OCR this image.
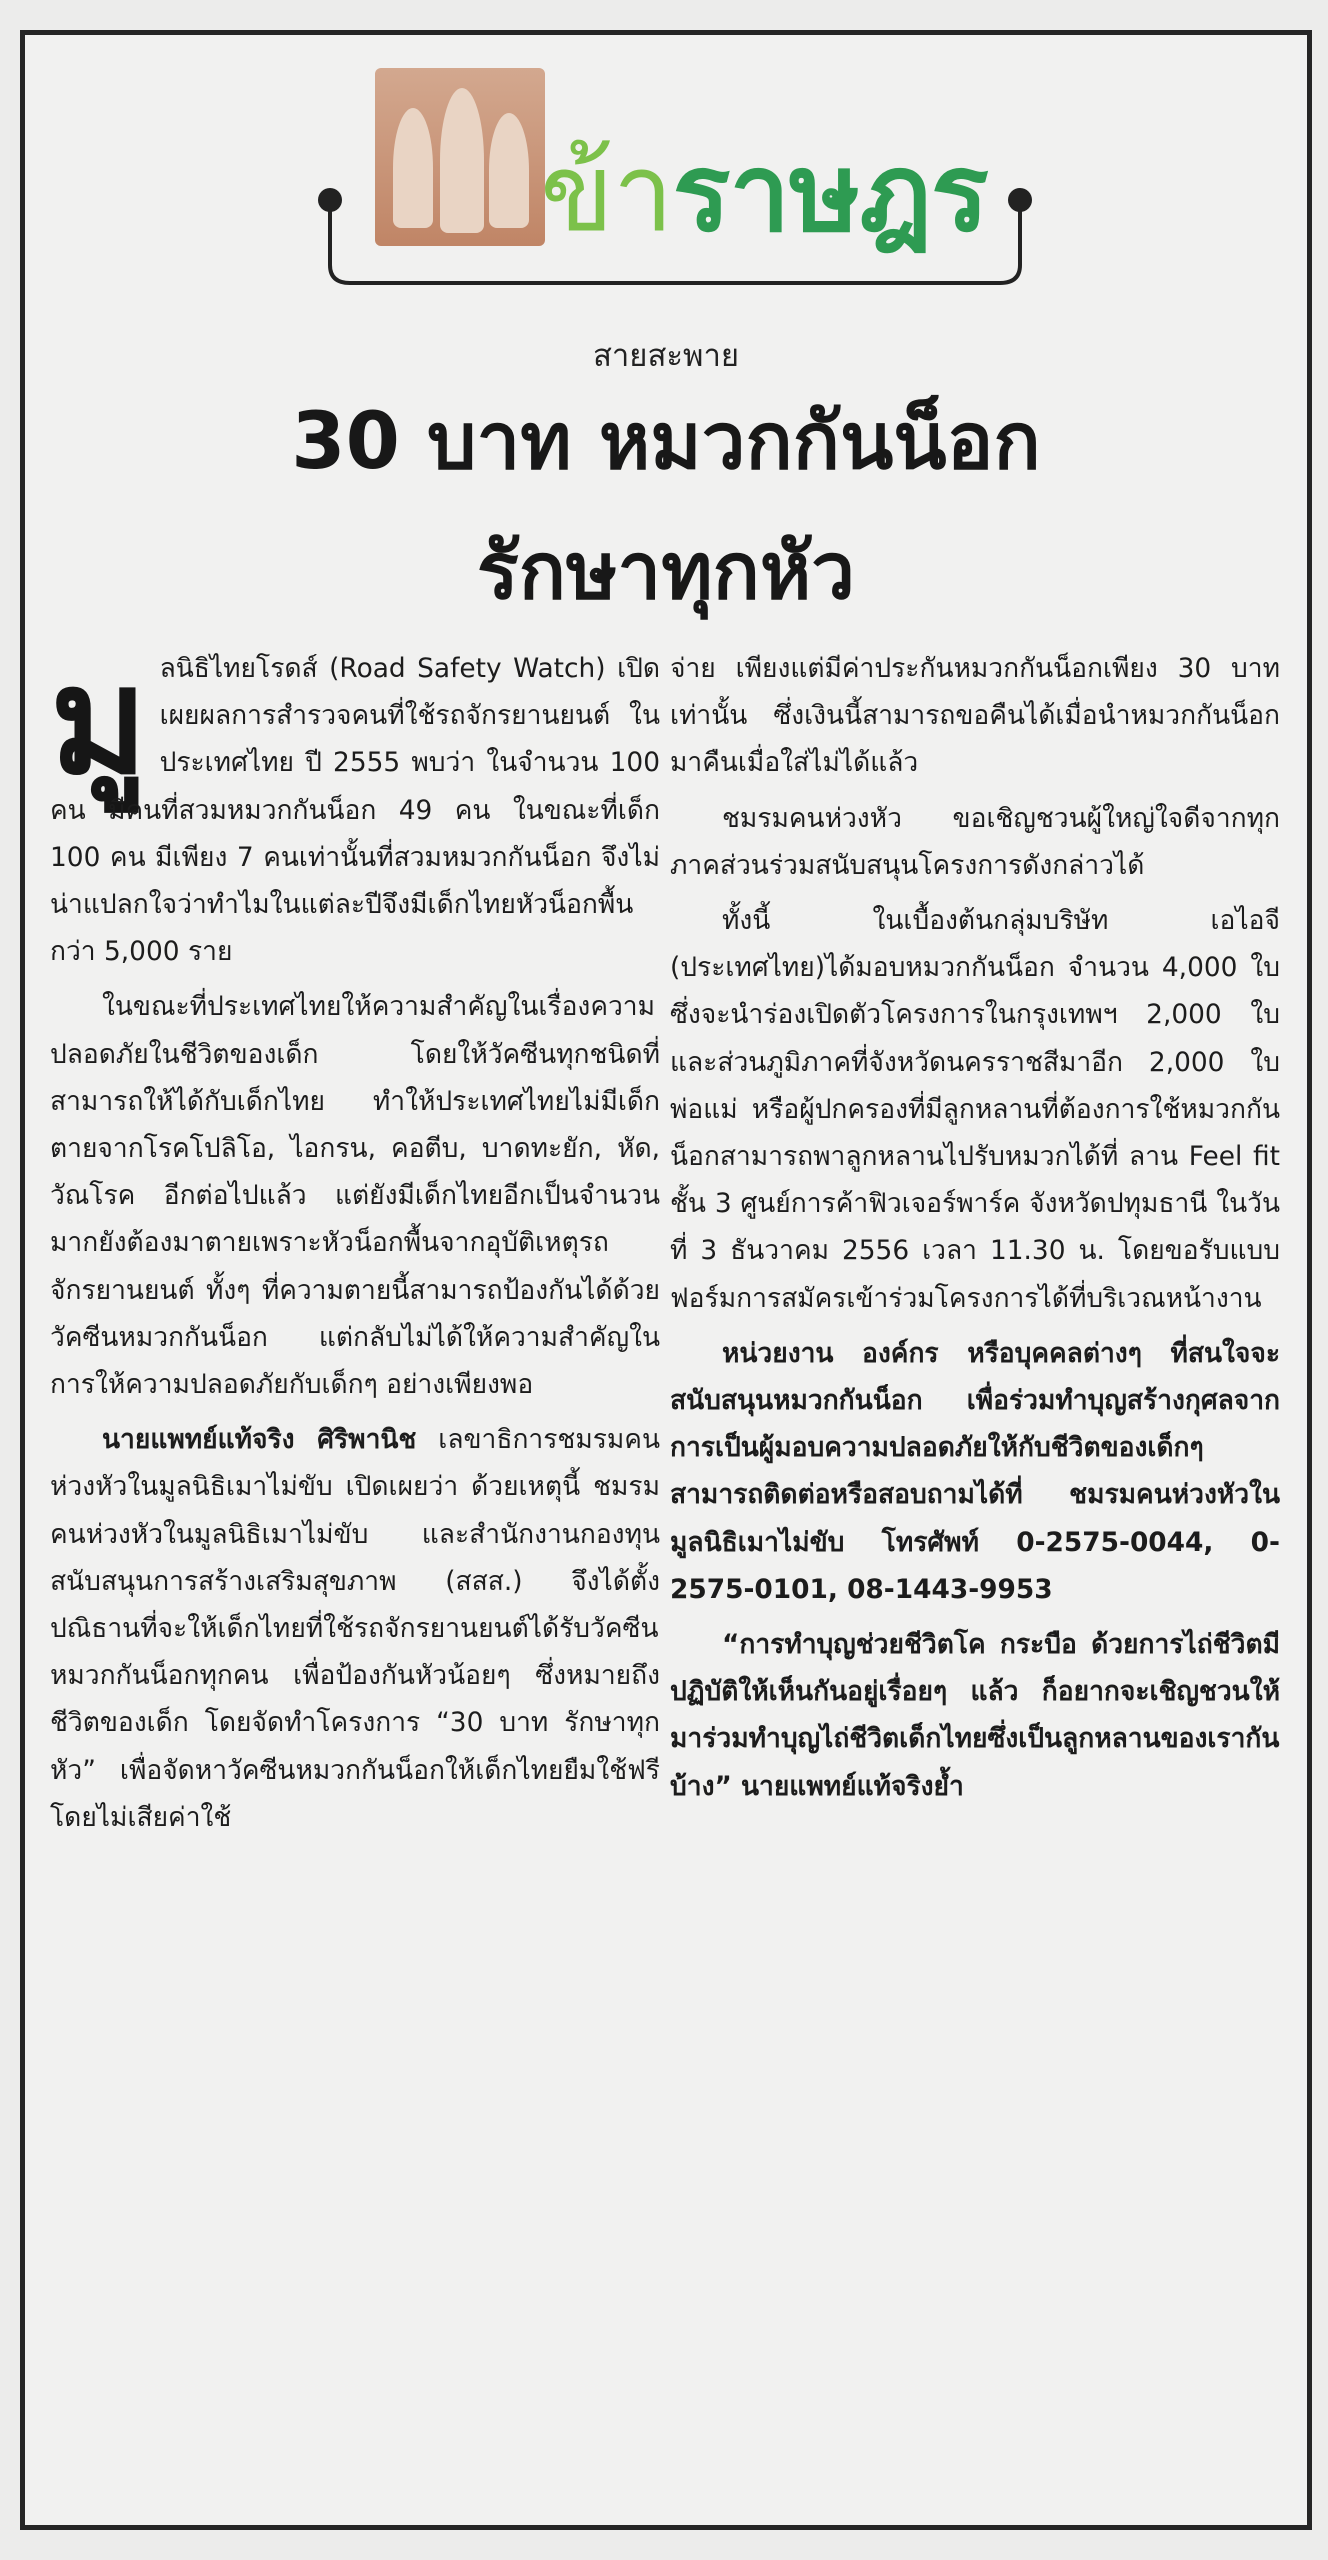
ข้าราษฎร
สายสะพาย
30 บาท หมวกกันน็อก
รักษาทุกหัว

มูลนิธิไทยโรดส์ (Road Safety Watch) เปิดเผยผลการสำรวจคนที่ใช้รถจักรยานยนต์ ในประเทศไทย ปี 2555 พบว่า ในจำนวน 100 คน มีคนที่สวมหมวกกันน็อก 49 คน ในขณะที่เด็ก 100 คน มีเพียง 7 คนเท่านั้นที่สวมหมวกกันน็อก จึงไม่น่าแปลกใจว่าทำไมในแต่ละปีจึงมีเด็กไทยหัวน็อกพื้นกว่า 5,000 ราย

ในขณะที่ประเทศไทยให้ความสำคัญในเรื่องความปลอดภัยในชีวิตของเด็ก โดยให้วัคซีนทุกชนิดที่สามารถให้ได้กับเด็กไทย ทำให้ประเทศไทยไม่มีเด็กตายจากโรคโปลิโอ, ไอกรน, คอตีบ, บาดทะยัก, หัด, วัณโรค อีกต่อไปแล้ว แต่ยังมีเด็กไทยอีกเป็นจำนวนมากยังต้องมาตายเพราะหัวน็อกพื้นจากอุบัติเหตุรถจักรยานยนต์ ทั้งๆ ที่ความตายนี้สามารถป้องกันได้ด้วยวัคซีนหมวกกันน็อก แต่กลับไม่ได้ให้ความสำคัญในการให้ความปลอดภัยกับเด็กๆ อย่างเพียงพอ

นายแพทย์แท้จริง ศิริพานิช เลขาธิการชมรมคนห่วงหัวในมูลนิธิเมาไม่ขับ เปิดเผยว่า ด้วยเหตุนี้ ชมรมคนห่วงหัวในมูลนิธิเมาไม่ขับ และสำนักงานกองทุนสนับสนุนการสร้างเสริมสุขภาพ (สสส.) จึงได้ตั้งปณิธานที่จะให้เด็กไทยที่ใช้รถจักรยานยนต์ได้รับวัคซีนหมวกกันน็อกทุกคน เพื่อป้องกันหัวน้อยๆ ซึ่งหมายถึงชีวิตของเด็ก โดยจัดทำโครงการ “30 บาท รักษาทุกหัว” เพื่อจัดหาวัคซีนหมวกกันน็อกให้เด็กไทยยืมใช้ฟรี โดยไม่เสียค่าใช้

จ่าย เพียงแต่มีค่าประกันหมวกกันน็อกเพียง 30 บาทเท่านั้น ซึ่งเงินนี้สามารถขอคืนได้เมื่อนำหมวกกันน็อกมาคืนเมื่อใส่ไม่ได้แล้ว

ชมรมคนห่วงหัว ขอเชิญชวนผู้ใหญ่ใจดีจากทุกภาคส่วนร่วมสนับสนุนโครงการดังกล่าวได้

ทั้งนี้ ในเบื้องต้นกลุ่มบริษัท เอไอจี (ประเทศไทย)ได้มอบหมวกกันน็อก จำนวน 4,000 ใบ ซึ่งจะนำร่องเปิดตัวโครงการในกรุงเทพฯ 2,000 ใบ และส่วนภูมิภาคที่จังหวัดนครราชสีมาอีก 2,000 ใบ พ่อแม่ หรือผู้ปกครองที่มีลูกหลานที่ต้องการใช้หมวกกันน็อกสามารถพาลูกหลานไปรับหมวกได้ที่ ลาน Feel fit ชั้น 3 ศูนย์การค้าฟิวเจอร์พาร์ค จังหวัดปทุมธานี ในวันที่ 3 ธันวาคม 2556 เวลา 11.30 น. โดยขอรับแบบฟอร์มการสมัครเข้าร่วมโครงการได้ที่บริเวณหน้างาน

หน่วยงาน องค์กร หรือบุคคลต่างๆ ที่สนใจจะสนับสนุนหมวกกันน็อก เพื่อร่วมทำบุญสร้างกุศลจากการเป็นผู้มอบความปลอดภัยให้กับชีวิตของเด็กๆ สามารถติดต่อหรือสอบถามได้ที่ ชมรมคนห่วงหัวในมูลนิธิเมาไม่ขับ โทรศัพท์ 0-2575-0044, 0-2575-0101, 08-1443-9953

“การทำบุญช่วยชีวิตโค กระบือ ด้วยการไถ่ชีวิตมีปฏิบัติให้เห็นกันอยู่เรื่อยๆ แล้ว ก็อยากจะเชิญชวนให้มาร่วมทำบุญไถ่ชีวิตเด็กไทยซึ่งเป็นลูกหลานของเรากันบ้าง” นายแพทย์แท้จริงย้ำ
